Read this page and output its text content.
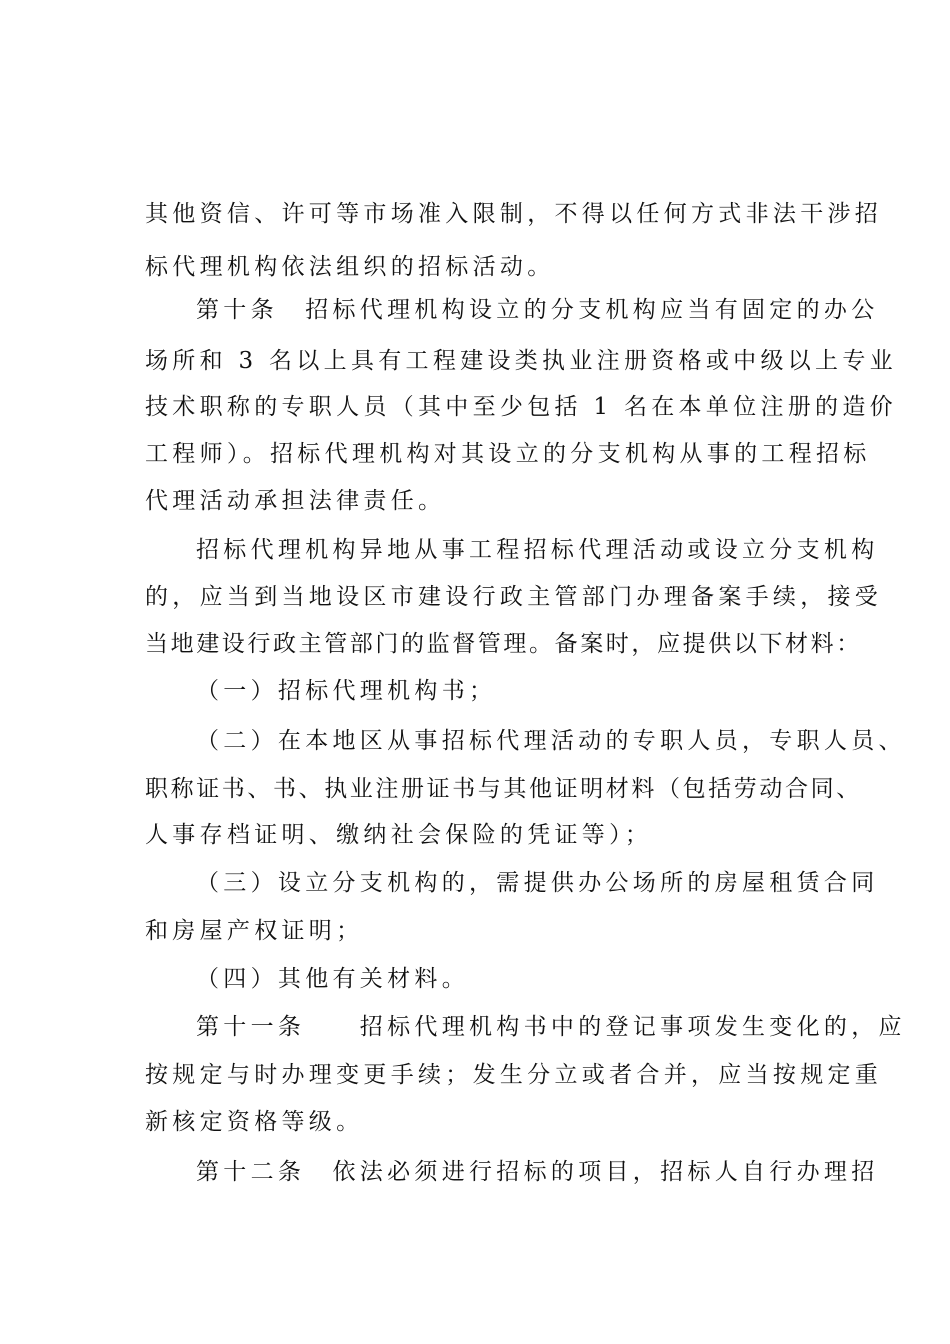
其他资信、许可等市场准入限制，不得以任何方式非法干涉招
标代理机构依法组织的招标活动。
第十条　招标代理机构设立的分支机构应当有固定的办公
场所和 3 名以上具有工程建设类执业注册资格或中级以上专业
技术职称的专职人员（其中至少包括 1 名在本单位注册的造价
工程师）。招标代理机构对其设立的分支机构从事的工程招标
代理活动承担法律责任。
招标代理机构异地从事工程招标代理活动或设立分支机构
的，应当到当地设区市建设行政主管部门办理备案手续，接受
当地建设行政主管部门的监督管理。备案时，应提供以下材料：
（一）招标代理机构书；
（二）在本地区从事招标代理活动的专职人员，专职人员、
职称证书、书、执业注册证书与其他证明材料（包括劳动合同、
人事存档证明、缴纳社会保险的凭证等）；
（三）设立分支机构的，需提供办公场所的房屋租赁合同
和房屋产权证明；
（四）其他有关材料。
第十一条　　招标代理机构书中的登记事项发生变化的，应
按规定与时办理变更手续；发生分立或者合并，应当按规定重
新核定资格等级。
第十二条　依法必须进行招标的项目，招标人自行办理招
